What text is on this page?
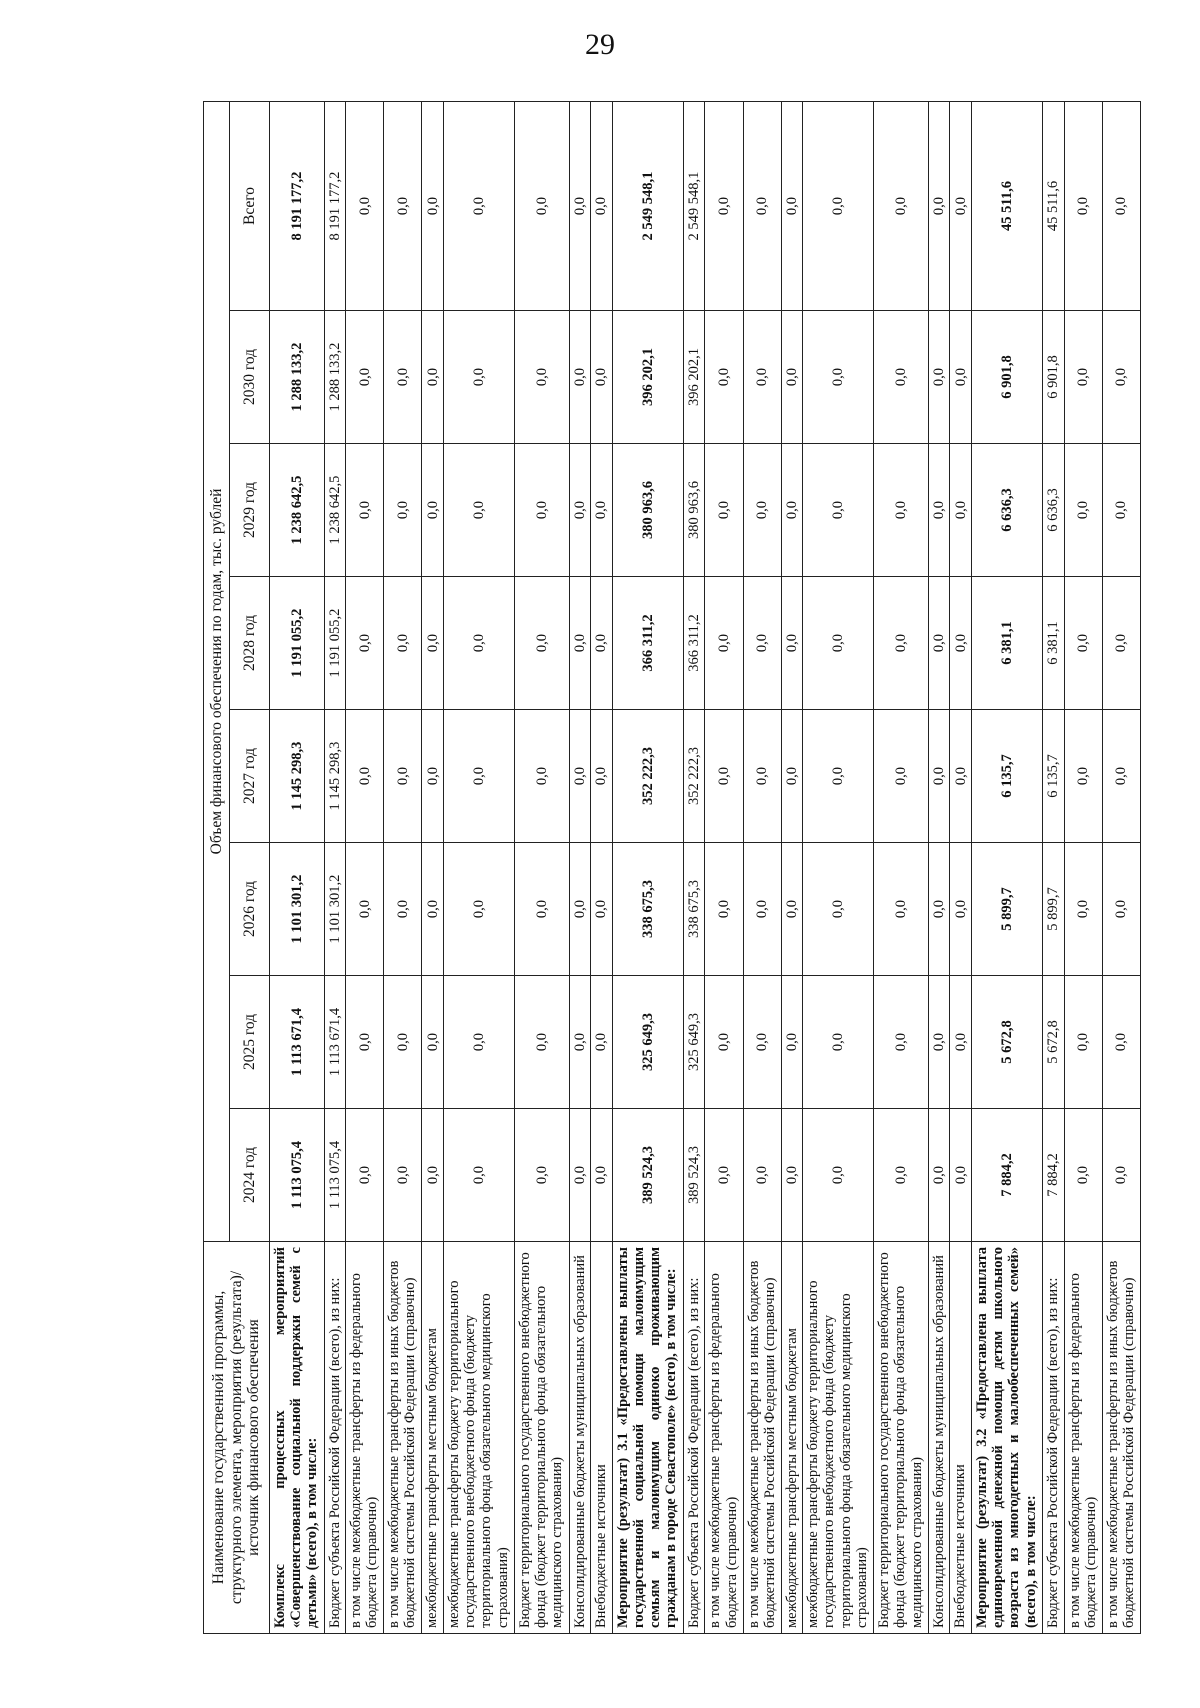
29
Наименование государственной программы, структурного элемента, мероприятия (результата)/источник финансового обеспечения	Объем финансового обеспечения по годам, тыс. рублей							
	2024 год	2025 год	2026 год	2027 год	2028 год	2029 год	2030 год	Всего
Комплекс процессных мероприятий «Совершенствование социальной поддержки семей с детьми» (всего), в том числе:	1 113 075,4	1 113 671,4	1 101 301,2	1 145 298,3	1 191 055,2	1 238 642,5	1 288 133,2	8 191 177,2
Бюджет субъекта Российской Федерации (всего), из них:	1 113 075,4	1 113 671,4	1 101 301,2	1 145 298,3	1 191 055,2	1 238 642,5	1 288 133,2	8 191 177,2
в том числе межбюджетные трансферты из федерального бюджета (справочно)	0,0	0,0	0,0	0,0	0,0	0,0	0,0	0,0
в том числе межбюджетные трансферты из иных бюджетов бюджетной системы Российской Федерации (справочно)	0,0	0,0	0,0	0,0	0,0	0,0	0,0	0,0
межбюджетные трансферты местным бюджетам	0,0	0,0	0,0	0,0	0,0	0,0	0,0	0,0
межбюджетные трансферты бюджету территориального государственного внебюджетного фонда (бюджету территориального фонда обязательного медицинского страхования)	0,0	0,0	0,0	0,0	0,0	0,0	0,0	0,0
Бюджет территориального государственного внебюджетного фонда (бюджет территориального фонда обязательного медицинского страхования)	0,0	0,0	0,0	0,0	0,0	0,0	0,0	0,0
Консолидированные бюджеты муниципальных образований	0,0	0,0	0,0	0,0	0,0	0,0	0,0	0,0
Внебюджетные источники	0,0	0,0	0,0	0,0	0,0	0,0	0,0	0,0
Мероприятие (результат) 3.1 «Предоставлены выплаты государственной социальной помощи малоимущим семьям и малоимущим одиноко проживающим гражданам в городе Севастополе» (всего), в том числе:	389 524,3	325 649,3	338 675,3	352 222,3	366 311,2	380 963,6	396 202,1	2 549 548,1
Бюджет субъекта Российской Федерации (всего), из них:	389 524,3	325 649,3	338 675,3	352 222,3	366 311,2	380 963,6	396 202,1	2 549 548,1
в том числе межбюджетные трансферты из федерального бюджета (справочно)	0,0	0,0	0,0	0,0	0,0	0,0	0,0	0,0
в том числе межбюджетные трансферты из иных бюджетов бюджетной системы Российской Федерации (справочно)	0,0	0,0	0,0	0,0	0,0	0,0	0,0	0,0
межбюджетные трансферты местным бюджетам	0,0	0,0	0,0	0,0	0,0	0,0	0,0	0,0
межбюджетные трансферты бюджету территориального государственного внебюджетного фонда (бюджету территориального фонда обязательного медицинского страхования)	0,0	0,0	0,0	0,0	0,0	0,0	0,0	0,0
Бюджет территориального государственного внебюджетного фонда (бюджет территориального фонда обязательного медицинского страхования)	0,0	0,0	0,0	0,0	0,0	0,0	0,0	0,0
Консолидированные бюджеты муниципальных образований	0,0	0,0	0,0	0,0	0,0	0,0	0,0	0,0
Внебюджетные источники	0,0	0,0	0,0	0,0	0,0	0,0	0,0	0,0
Мероприятие (результат) 3.2 «Предоставлена выплата единовременной денежной помощи детям школьного возраста из многодетных и малообеспеченных семей» (всего), в том числе:	7 884,2	5 672,8	5 899,7	6 135,7	6 381,1	6 636,3	6 901,8	45 511,6
Бюджет субъекта Российской Федерации (всего), из них:	7 884,2	5 672,8	5 899,7	6 135,7	6 381,1	6 636,3	6 901,8	45 511,6
в том числе межбюджетные трансферты из федерального бюджета (справочно)	0,0	0,0	0,0	0,0	0,0	0,0	0,0	0,0
в том числе межбюджетные трансферты из иных бюджетов бюджетной системы Российской Федерации (справочно)	0,0	0,0	0,0	0,0	0,0	0,0	0,0	0,0
